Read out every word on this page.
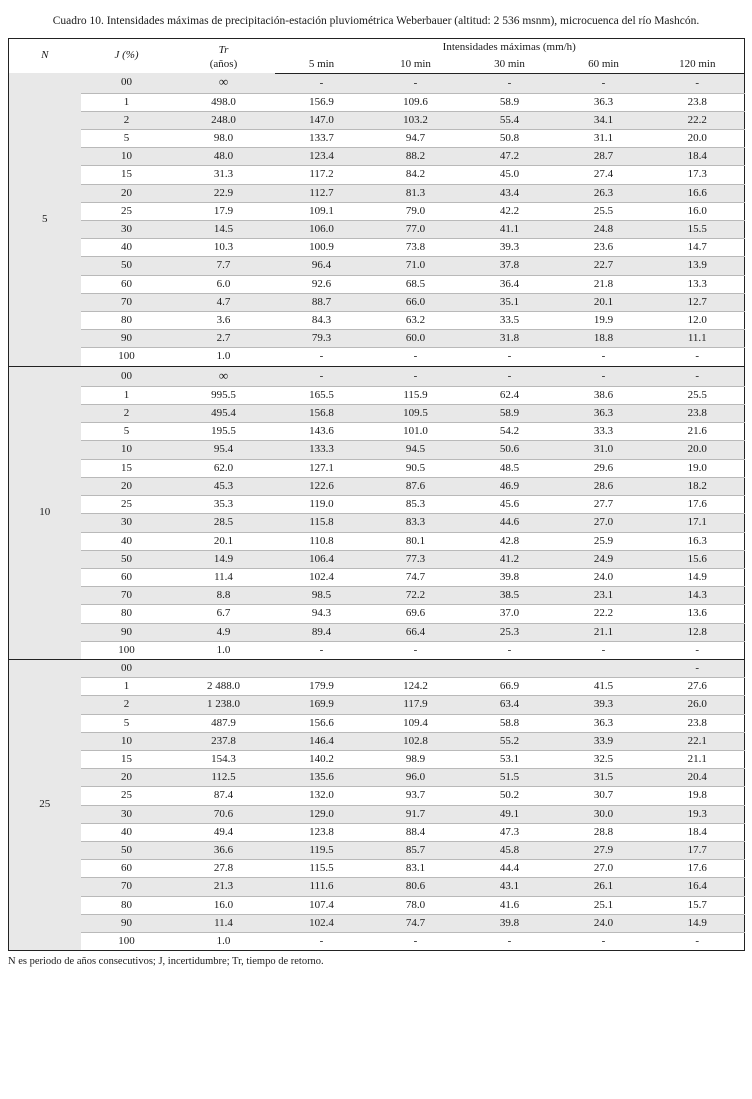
Cuadro 10. Intensidades máximas de precipitación-estación pluviométrica Weberbauer (altitud: 2 536 msnm), microcuenca del río Mashcón.
N	J (%)	Tr
(años)	Intensidades máximas (mm/h)				
			5 min	10 min	30 min	60 min	120 min
5	00	∞	-	-	-	-	-
	1	498.0	156.9	109.6	58.9	36.3	23.8
	2	248.0	147.0	103.2	55.4	34.1	22.2
	5	98.0	133.7	94.7	50.8	31.1	20.0
	10	48.0	123.4	88.2	47.2	28.7	18.4
	15	31.3	117.2	84.2	45.0	27.4	17.3
	20	22.9	112.7	81.3	43.4	26.3	16.6
	25	17.9	109.1	79.0	42.2	25.5	16.0
	30	14.5	106.0	77.0	41.1	24.8	15.5
	40	10.3	100.9	73.8	39.3	23.6	14.7
	50	7.7	96.4	71.0	37.8	22.7	13.9
	60	6.0	92.6	68.5	36.4	21.8	13.3
	70	4.7	88.7	66.0	35.1	20.1	12.7
	80	3.6	84.3	63.2	33.5	19.9	12.0
	90	2.7	79.3	60.0	31.8	18.8	11.1
	100	1.0	-	-	-	-	-
10	00	∞	-	-	-	-	-
	1	995.5	165.5	115.9	62.4	38.6	25.5
	2	495.4	156.8	109.5	58.9	36.3	23.8
	5	195.5	143.6	101.0	54.2	33.3	21.6
	10	95.4	133.3	94.5	50.6	31.0	20.0
	15	62.0	127.1	90.5	48.5	29.6	19.0
	20	45.3	122.6	87.6	46.9	28.6	18.2
	25	35.3	119.0	85.3	45.6	27.7	17.6
	30	28.5	115.8	83.3	44.6	27.0	17.1
	40	20.1	110.8	80.1	42.8	25.9	16.3
	50	14.9	106.4	77.3	41.2	24.9	15.6
	60	11.4	102.4	74.7	39.8	24.0	14.9
	70	8.8	98.5	72.2	38.5	23.1	14.3
	80	6.7	94.3	69.6	37.0	22.2	13.6
	90	4.9	89.4	66.4	25.3	21.1	12.8
	100	1.0	-	-	-	-	-
25	00						-
	1	2 488.0	179.9	124.2	66.9	41.5	27.6
	2	1 238.0	169.9	117.9	63.4	39.3	26.0
	5	487.9	156.6	109.4	58.8	36.3	23.8
	10	237.8	146.4	102.8	55.2	33.9	22.1
	15	154.3	140.2	98.9	53.1	32.5	21.1
	20	112.5	135.6	96.0	51.5	31.5	20.4
	25	87.4	132.0	93.7	50.2	30.7	19.8
	30	70.6	129.0	91.7	49.1	30.0	19.3
	40	49.4	123.8	88.4	47.3	28.8	18.4
	50	36.6	119.5	85.7	45.8	27.9	17.7
	60	27.8	115.5	83.1	44.4	27.0	17.6
	70	21.3	111.6	80.6	43.1	26.1	16.4
	80	16.0	107.4	78.0	41.6	25.1	15.7
	90	11.4	102.4	74.7	39.8	24.0	14.9
	100	1.0	-	-	-	-	-
N es periodo de años consecutivos; J, incertidumbre; Tr, tiempo de retorno.
